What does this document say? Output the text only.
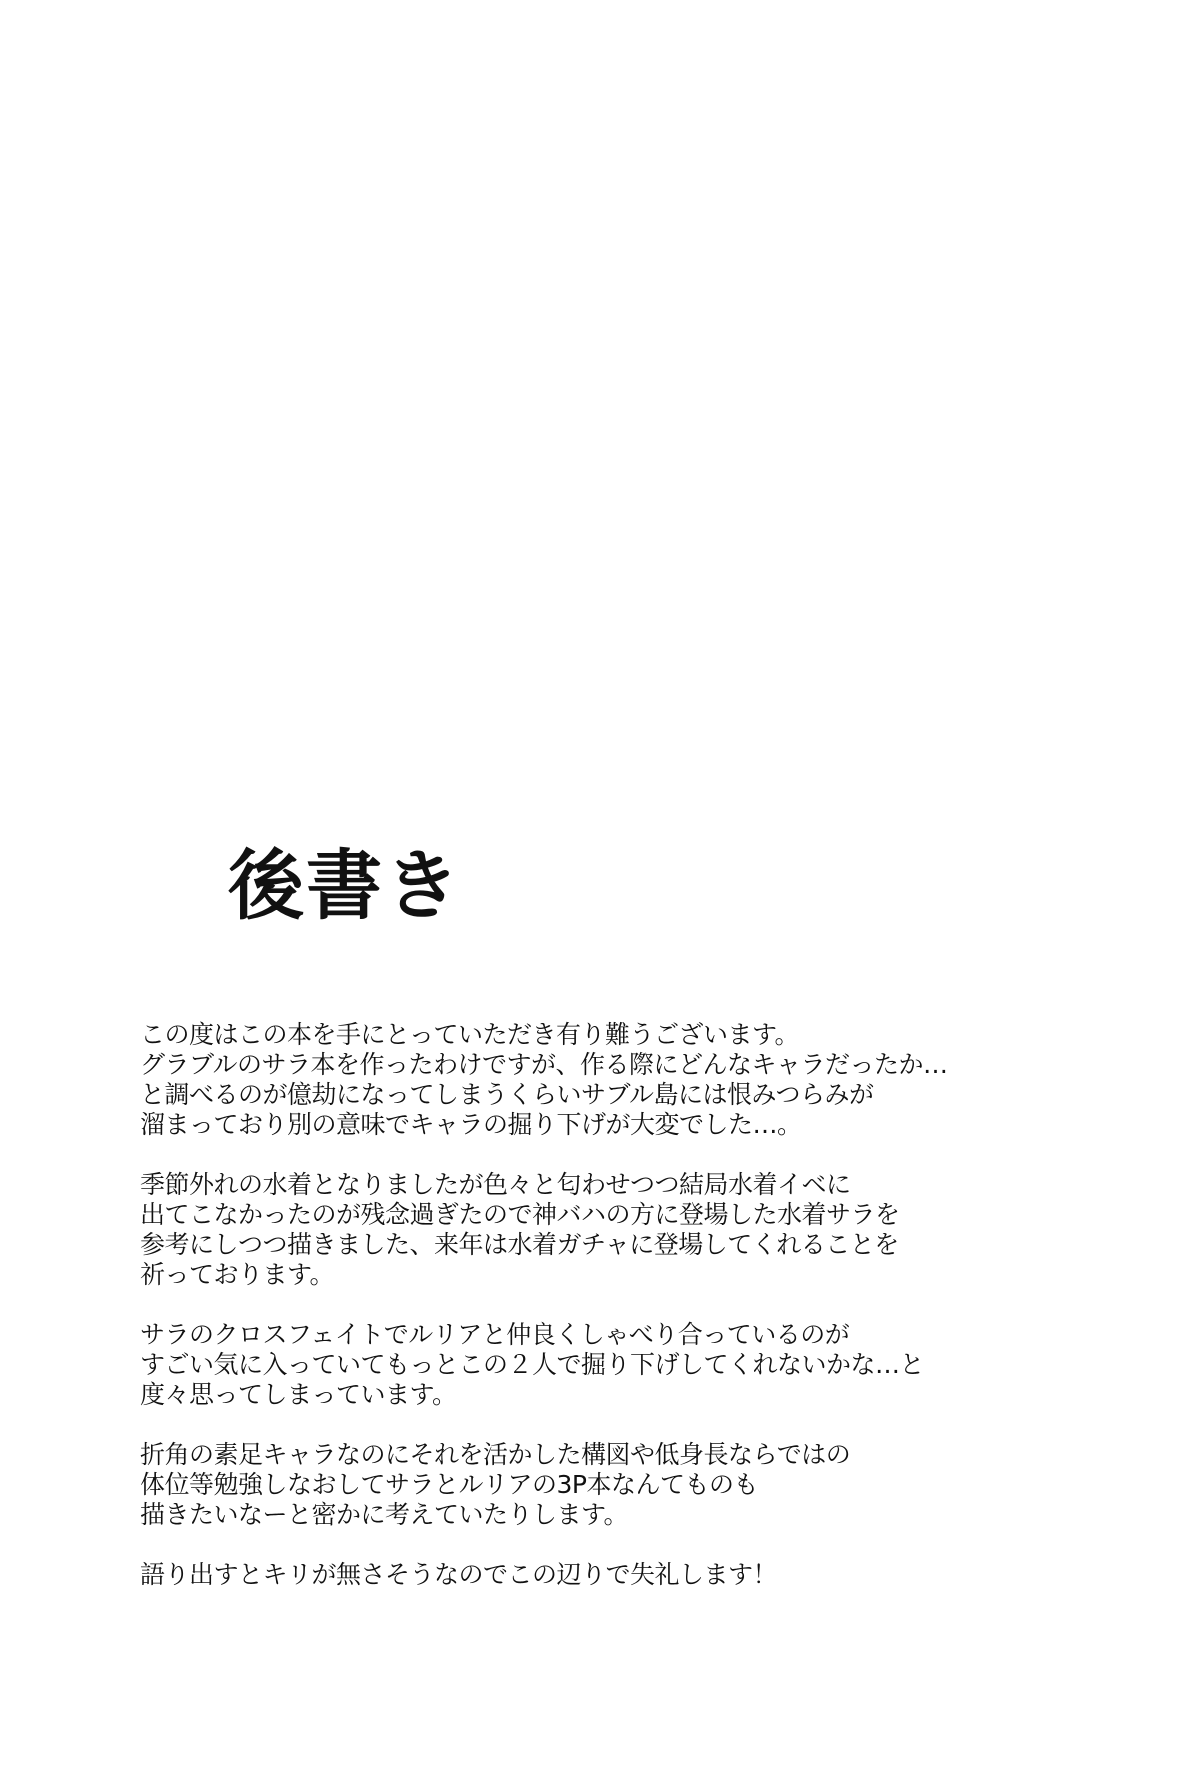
後書き

この度はこの本を手にとっていただき有り難うございます。
グラブルのサラ本を作ったわけですが、作る際にどんなキャラだったか…
と調べるのが億劫になってしまうくらいサブル島には恨みつらみが
溜まっており別の意味でキャラの掘り下げが大変でした…。

季節外れの水着となりましたが色々と匂わせつつ結局水着イベに
出てこなかったのが残念過ぎたので神バハの方に登場した水着サラを
参考にしつつ描きました、来年は水着ガチャに登場してくれることを
祈っております。

サラのクロスフェイトでルリアと仲良くしゃべり合っているのが
すごい気に入っていてもっとこの２人で掘り下げしてくれないかな…と
度々思ってしまっています。

折角の素足キャラなのにそれを活かした構図や低身長ならではの
体位等勉強しなおしてサラとルリアの3P本なんてものも
描きたいなーと密かに考えていたりします。

語り出すとキリが無さそうなのでこの辺りで失礼します！
